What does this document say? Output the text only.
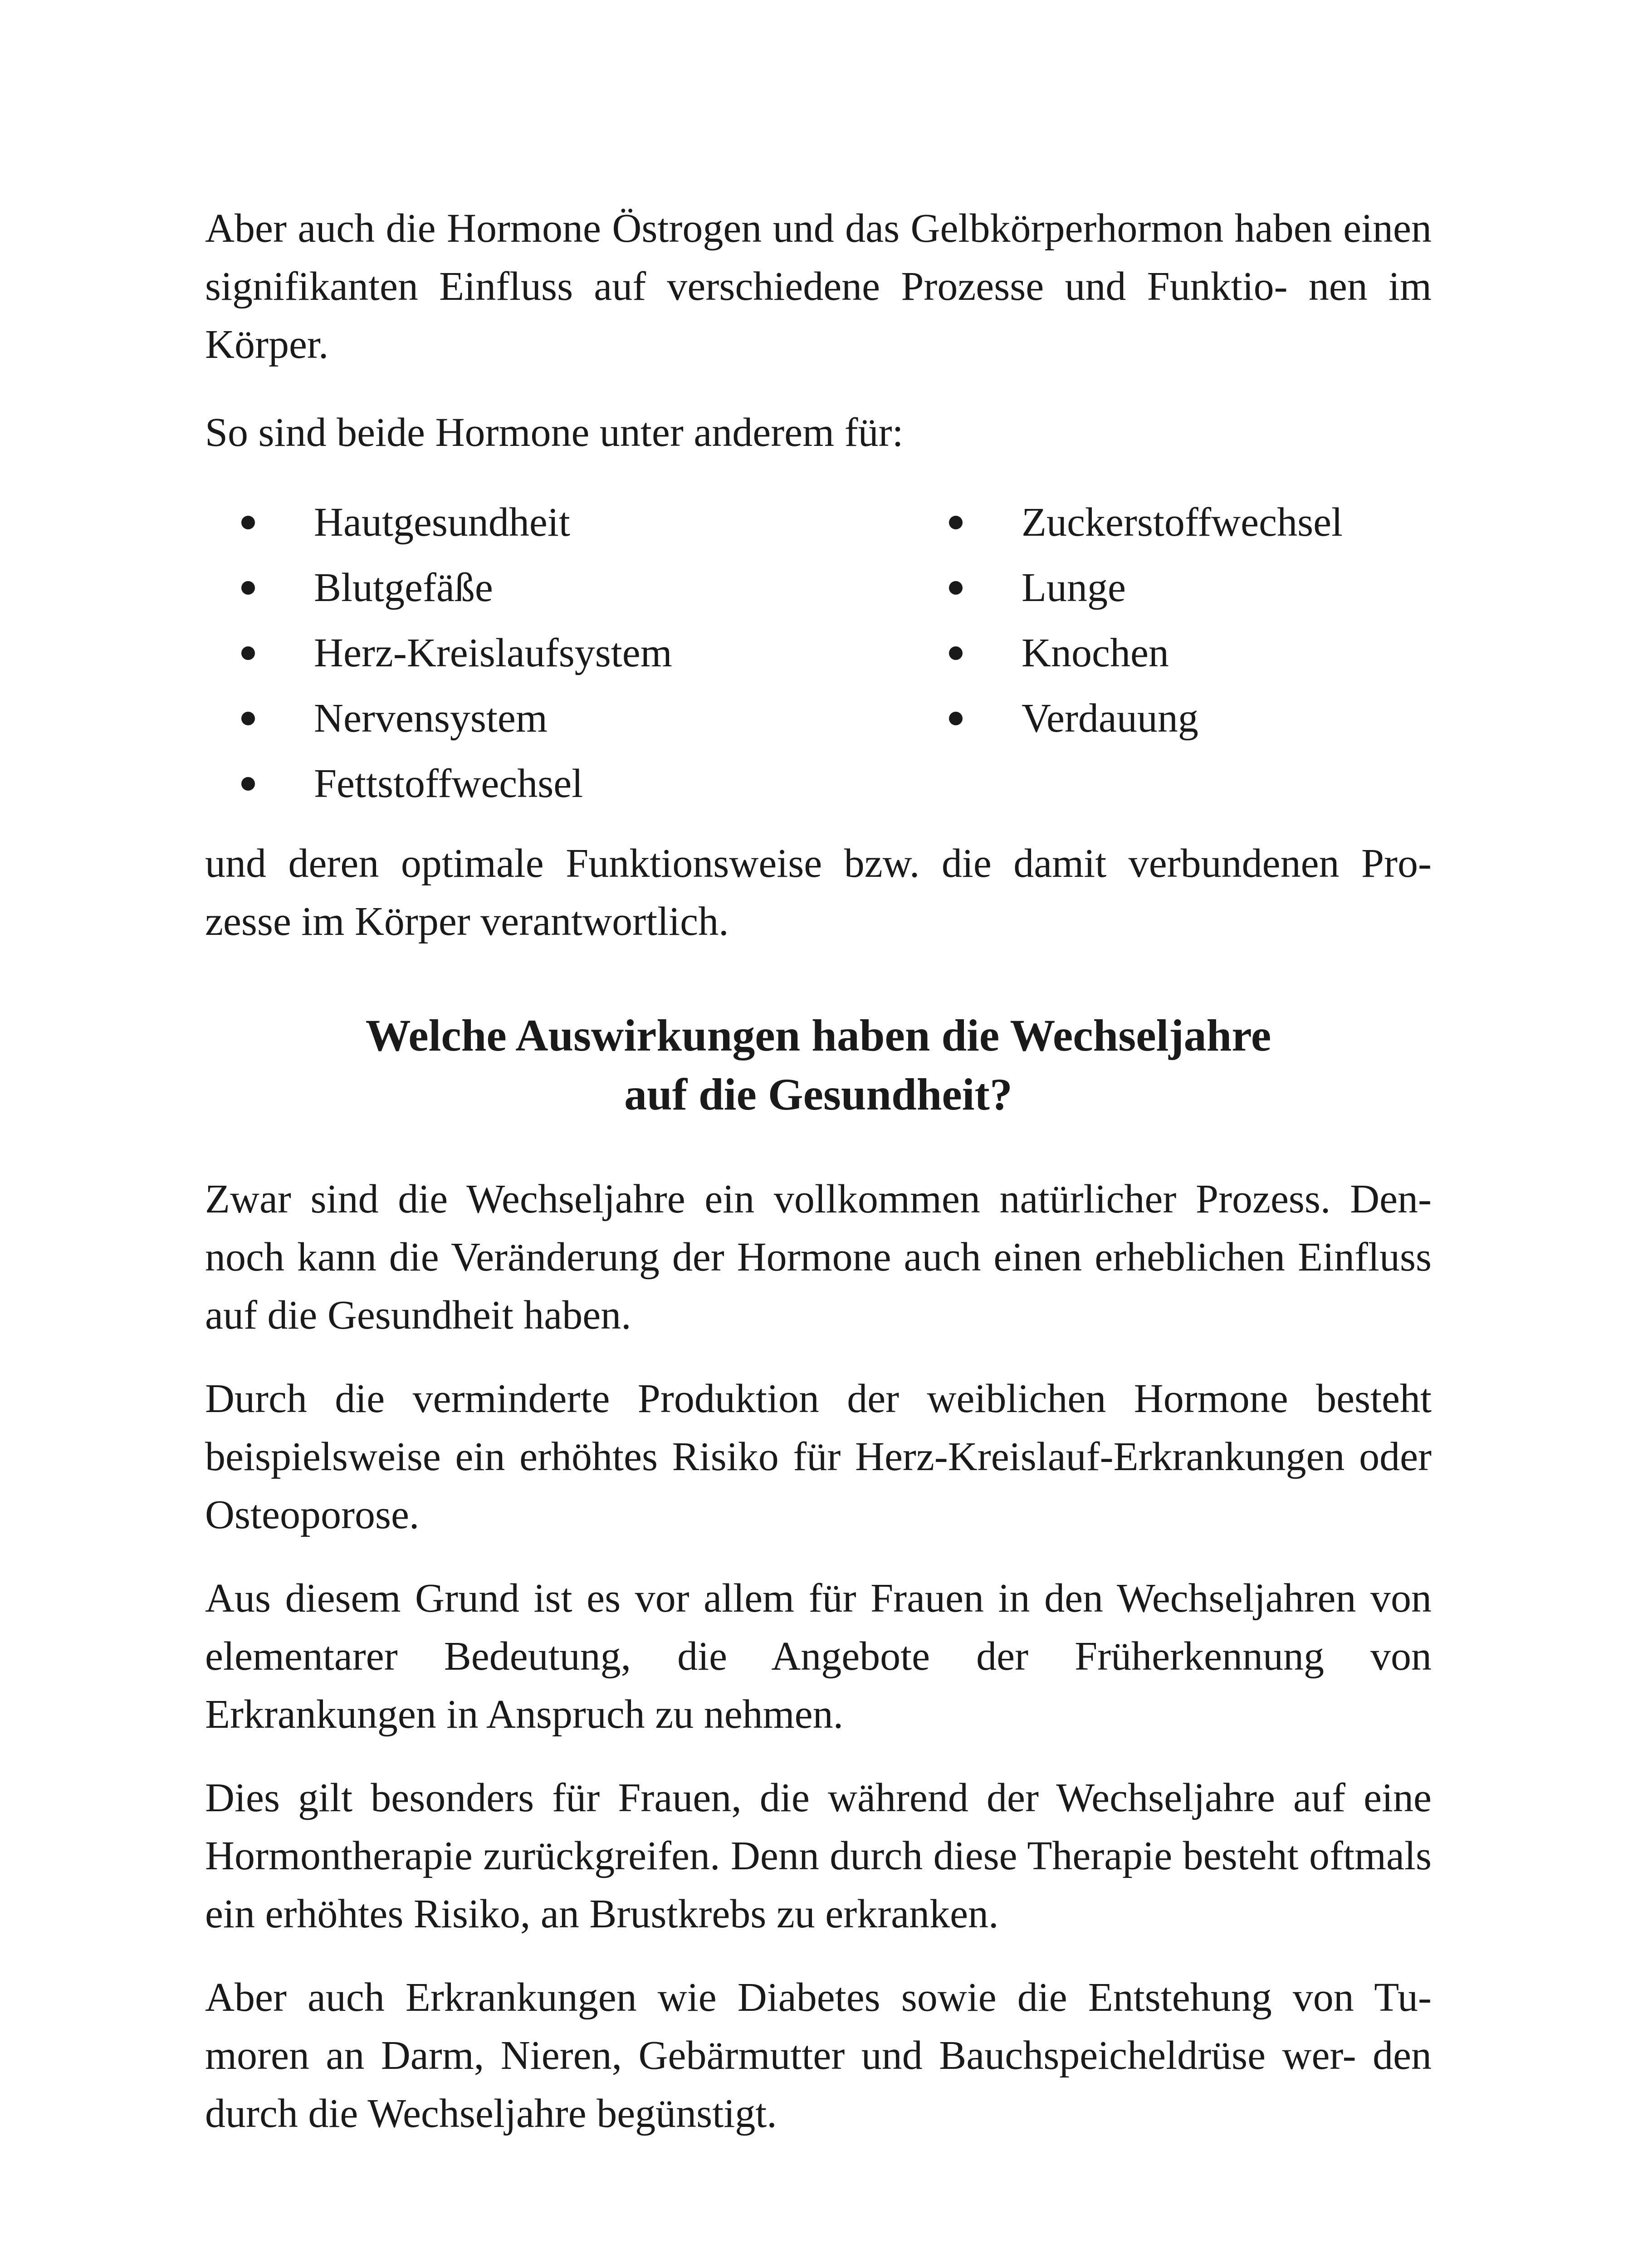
Aber auch die Hormone Östrogen und das Gelbkörperhormon haben einen signifikanten Einfluss auf verschiedene Prozesse und Funktio- nen im Körper.

So sind beide Hormone unter anderem für:

Hautgesundheit
Blutgefäße
Herz-Kreislaufsystem
Nervensystem
Fettstoffwechsel
Zuckerstoffwechsel
Lunge
Knochen
Verdauung

und deren optimale Funktionsweise bzw. die damit verbundenen Pro- zesse im Körper verantwortlich.

Welche Auswirkungen haben die Wechseljahre
auf die Gesundheit?

Zwar sind die Wechseljahre ein vollkommen natürlicher Prozess. Den- noch kann die Veränderung der Hormone auch einen erheblichen Einfluss auf die Gesundheit haben.

Durch die verminderte Produktion der weiblichen Hormone besteht beispielsweise ein erhöhtes Risiko für Herz-Kreislauf-Erkrankungen oder Osteoporose.

Aus diesem Grund ist es vor allem für Frauen in den Wechseljahren von elementarer Bedeutung, die Angebote der Früherkennung von Erkrankungen in Anspruch zu nehmen.

Dies gilt besonders für Frauen, die während der Wechseljahre auf eine Hormontherapie zurückgreifen. Denn durch diese Therapie besteht oftmals ein erhöhtes Risiko, an Brustkrebs zu erkranken.

Aber auch Erkrankungen wie Diabetes sowie die Entstehung von Tu- moren an Darm, Nieren, Gebärmutter und Bauchspeicheldrüse wer- den durch die Wechseljahre begünstigt.
